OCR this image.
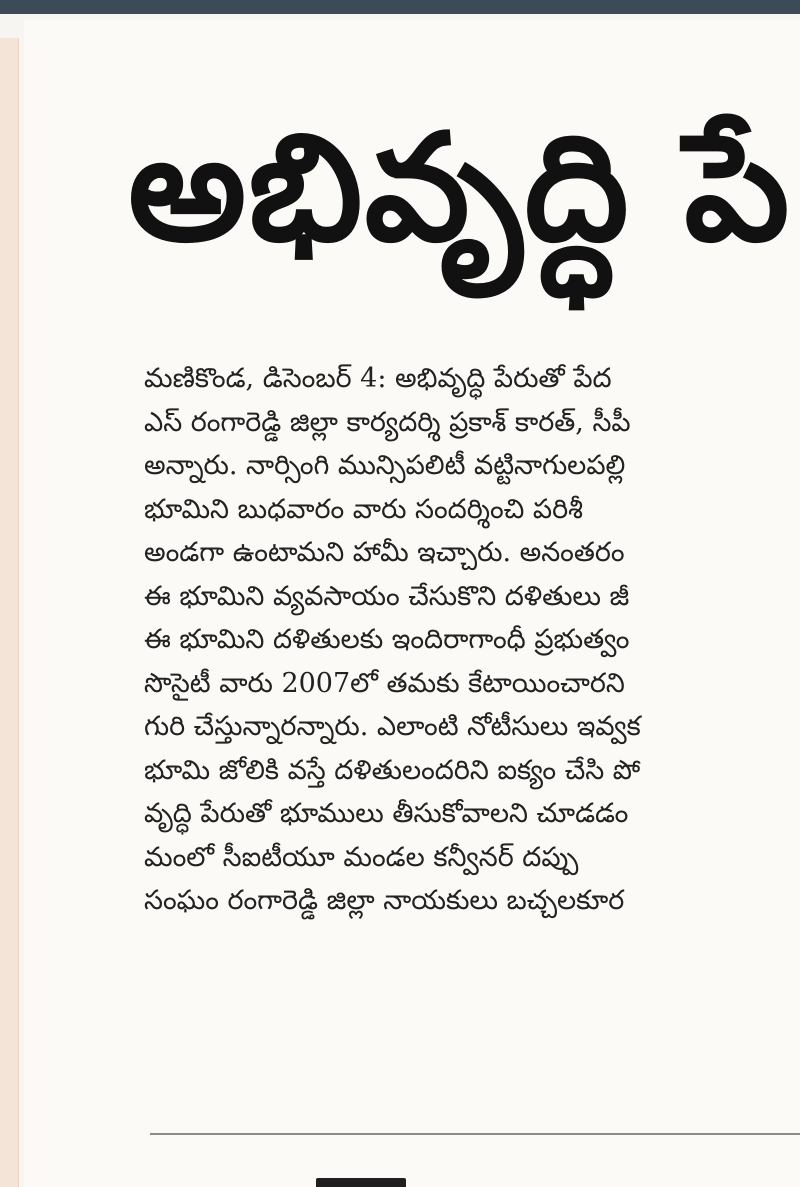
అభివృద్ధి పే
మణికొండ, డిసెంబర్ 4: అభివృద్ధి పేరుతో పేద
ఎస్ రంగారెడ్డి జిల్లా కార్యదర్శి ప్రకాశ్ కారత్, సీపీ
అన్నారు. నార్సింగి మున్సిపలిటీ వట్టినాగులపల్లి
భూమిని బుధవారం వారు సందర్శించి పరిశీ
అండగా ఉంటామని హామీ ఇచ్చారు. అనంతరం
ఈ భూమిని వ్యవసాయం చేసుకొని దళితులు జీ
ఈ భూమిని దళితులకు ఇందిరాగాంధీ ప్రభుత్వం
సొసైటీ వారు 2007లో తమకు కేటాయించారని
గురి చేస్తున్నారన్నారు. ఎలాంటి నోటీసులు ఇవ్వక
భూమి జోలికి వస్తే దళితులందరిని ఐక్యం చేసి పో
వృద్ధి పేరుతో భూములు తీసుకోవాలని చూడడం
మంలో సీఐటీయూ మండల కన్వీనర్ దప్పు
సంఘం రంగారెడ్డి జిల్లా నాయకులు బచ్చలకూర
